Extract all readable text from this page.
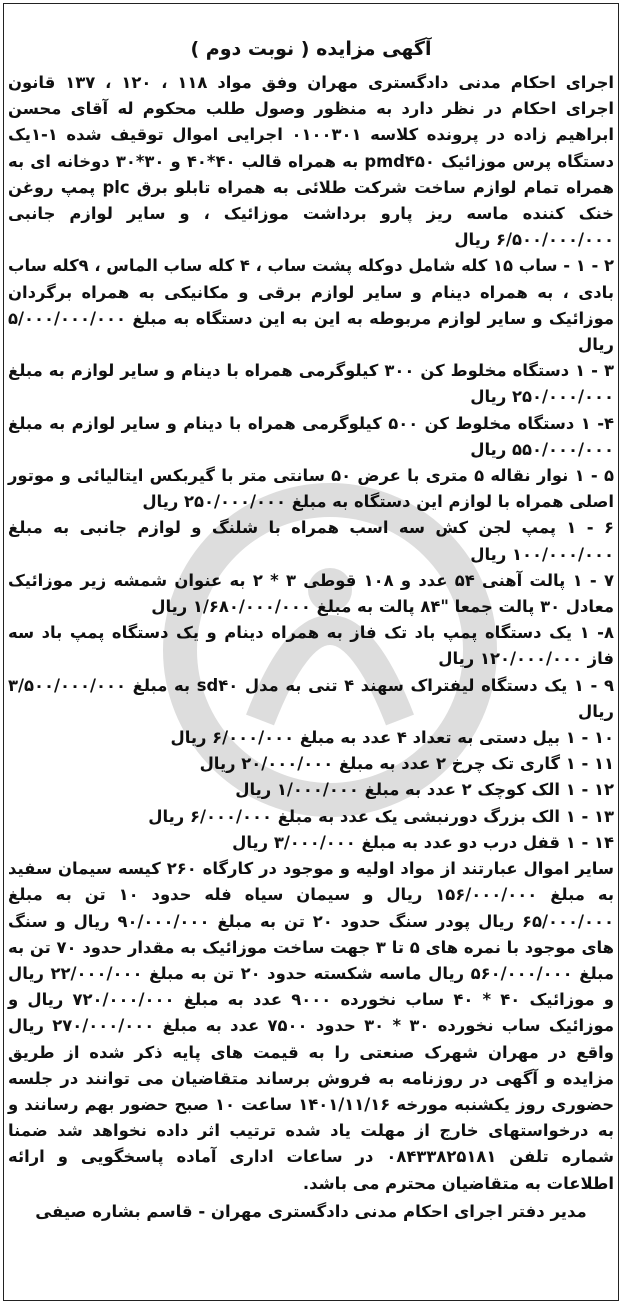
آگهی مزایده ( نوبت دوم )

اجرای احکام مدنی دادگستری مهران وفق مواد ۱۱۸ ، ۱۲۰ ، ۱۳۷ قانون اجرای احکام در نظر دارد به منظور وصول طلب محکوم له آقای محسن ابراهیم زاده در پرونده کلاسه ۰۱۰۰۳۰۱ اجرایی اموال توقیف شده ۱-۱یک دستگاه پرس موزائیک pmd۴۵۰ به همراه قالب ۴۰*۴۰ و ۳۰*۳۰ دوخانه ای به همراه تمام لوازم ساخت شرکت طلائی به همراه تابلو برق plc پمپ روغن خنک کننده ماسه ریز پارو برداشت موزائیک ، و سایر لوازم جانبی ۶/۵۰۰/۰۰۰/۰۰۰ ریال

۲ - ۱ - ساب ۱۵ کله شامل دوکله پشت ساب ، ۴ کله ساب الماس ، ۹کله ساب بادی ، به همراه دینام و سایر لوازم برقی و مکانیکی به همراه برگردان موزائیک و سایر لوازم مربوطه به این به این دستگاه به مبلغ ۵/۰۰۰/۰۰۰/۰۰۰ ریال

۳ - ۱ دستگاه مخلوط کن ۳۰۰ کیلوگرمی همراه با دینام و سایر لوازم به مبلغ ۲۵۰/۰۰۰/۰۰۰ ریال

۴- ۱ دستگاه مخلوط کن ۵۰۰ کیلوگرمی همراه با دینام و سایر لوازم به مبلغ ۵۵۰/۰۰۰/۰۰۰ ریال

۵ - ۱ نوار نقاله ۵ متری با عرض ۵۰ سانتی متر با گیربکس ایتالیائی و موتور اصلی همراه با لوازم این دستگاه به مبلغ ۲۵۰/۰۰۰/۰۰۰ ریال

۶ - ۱ پمپ لجن کش سه اسب همراه با شلنگ و لوازم جانبی به مبلغ ۱۰۰/۰۰۰/۰۰۰ ریال

۷ - ۱ پالت آهنی ۵۴ عدد و ۱۰۸ قوطی ۳ * ۲ به عنوان شمشه زیر موزائیک معادل ۳۰ پالت جمعا "۸۴ پالت به مبلغ ۱/۶۸۰/۰۰۰/۰۰۰ ریال

۸- ۱ یک دستگاه پمپ باد تک فاز به همراه دینام و یک دستگاه پمپ باد سه فاز ۱۲۰/۰۰۰/۰۰۰ ریال

۹ - ۱ یک دستگاه لیفتراک سهند ۴ تنی به مدل sd۴۰ به مبلغ ۳/۵۰۰/۰۰۰/۰۰۰ ریال

۱۰ - ۱ بیل دستی به تعداد ۴ عدد به مبلغ ۶/۰۰۰/۰۰۰ ریال

۱۱ - ۱ گاری تک چرخ ۲ عدد به مبلغ ۲۰/۰۰۰/۰۰۰ ریال

۱۲ - ۱ الک کوچک ۲ عدد به مبلغ ۱/۰۰۰/۰۰۰ ریال

۱۳ - ۱ الک بزرگ دورنبشی یک عدد به مبلغ ۶/۰۰۰/۰۰۰ ریال

۱۴ - ۱ قفل درب دو عدد به مبلغ ۳/۰۰۰/۰۰۰ ریال

سایر اموال عبارتند از مواد اولیه و موجود در کارگاه ۲۶۰ کیسه سیمان سفید به مبلغ ۱۵۶/۰۰۰/۰۰۰ ریال و سیمان سیاه فله حدود ۱۰ تن به مبلغ ۶۵/۰۰۰/۰۰۰ ریال پودر سنگ حدود ۲۰ تن به مبلغ ۹۰/۰۰۰/۰۰۰ ریال و سنگ های موجود با نمره های ۵ تا ۳ جهت ساخت موزائیک به مقدار حدود ۷۰ تن به مبلغ ۵۶۰/۰۰۰/۰۰۰ ریال ماسه شکسته حدود ۲۰ تن به مبلغ ۲۲/۰۰۰/۰۰۰ ریال و موزائیک ۴۰ * ۴۰ ساب نخورده ۹۰۰۰ عدد به مبلغ ۷۲۰/۰۰۰/۰۰۰ ریال و موزائیک ساب نخورده ۳۰ * ۳۰ حدود ۷۵۰۰ عدد به مبلغ ۲۷۰/۰۰۰/۰۰۰ ریال واقع در مهران شهرک صنعتی را به قیمت های پایه ذکر شده از طریق مزایده و آگهی در روزنامه به فروش برساند متقاضیان می توانند در جلسه حضوری روز یکشنبه مورخه ۱۴۰۱/۱۱/۱۶ ساعت ۱۰ صبح حضور بهم رسانند و به درخواستهای خارج از مهلت یاد شده ترتیب اثر داده نخواهد شد ضمنا شماره تلفن ۰۸۴۳۳۸۲۵۱۸۱ در ساعات اداری آماده پاسخگویی و ارائه اطلاعات به متقاضیان محترم می باشد.

مدیر دفتر اجرای احکام مدنی دادگستری مهران - قاسم بشاره صیفی
